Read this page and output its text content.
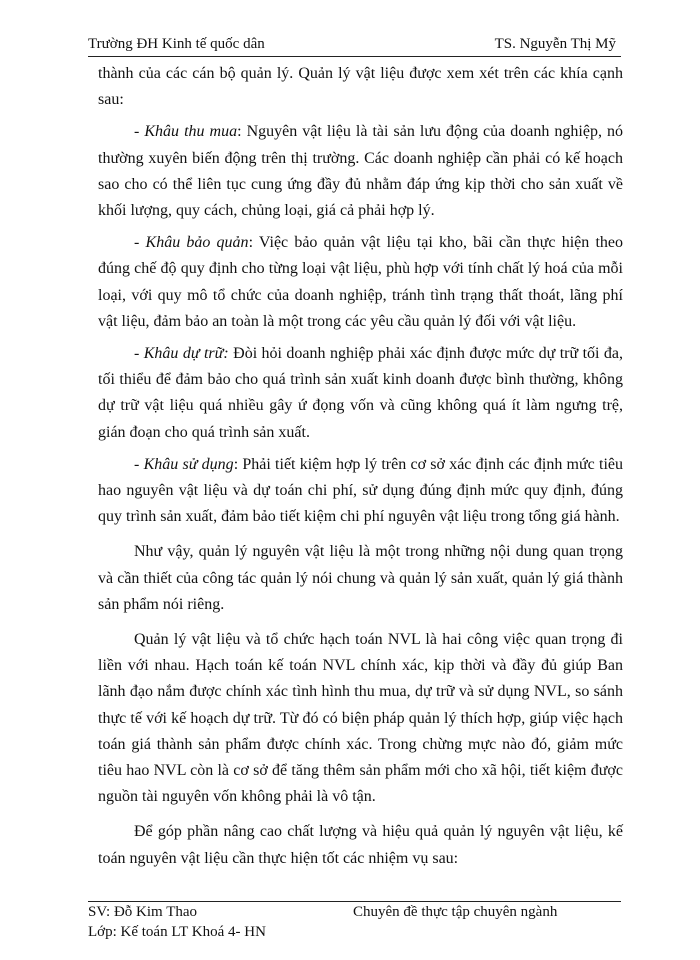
Trường ĐH Kinh tế quốc dân	TS. Nguyễn Thị Mỹ

thành của các cán bộ quản lý. Quản lý vật liệu được xem xét trên các khía cạnh sau:

- Khâu thu mua: Nguyên vật liệu là tài sản lưu động của doanh nghiệp, nó thường xuyên biến động trên thị trường. Các doanh nghiệp cần phải có kế hoạch sao cho có thể liên tục cung ứng đầy đủ nhằm đáp ứng kịp thời cho sản xuất về khối lượng, quy cách, chủng loại, giá cả phải hợp lý.

- Khâu bảo quản: Việc bảo quản vật liệu tại kho, bãi cần thực hiện theo đúng chế độ quy định cho từng loại vật liệu, phù hợp với tính chất lý hoá của mỗi loại, với quy mô tổ chức của doanh nghiệp, tránh tình trạng thất thoát, lãng phí vật liệu, đảm bảo an toàn là một trong các yêu cầu quản lý đối với vật liệu.

- Khâu dự trữ: Đòi hỏi doanh nghiệp phải xác định được mức dự trữ tối đa, tối thiểu để đảm bảo cho quá trình sản xuất kinh doanh được bình thường, không dự trữ vật liệu quá nhiều gây ứ đọng vốn và cũng không quá ít làm ngưng trệ, gián đoạn cho quá trình sản xuất.

- Khâu sử dụng: Phải tiết kiệm hợp lý trên cơ sở xác định các định mức tiêu hao nguyên vật liệu và dự toán chi phí, sử dụng đúng định mức quy định, đúng quy trình sản xuất, đảm bảo tiết kiệm chi phí nguyên vật liệu trong tổng giá hành.

Như vậy, quản lý nguyên vật liệu là một trong những nội dung quan trọng và cần thiết của công tác quản lý nói chung và quản lý sản xuất, quản lý giá thành sản phẩm nói riêng.

Quản lý vật liệu và tổ chức hạch toán NVL là hai công việc quan trọng đi liền với nhau. Hạch toán kế toán NVL chính xác, kịp thời và đầy đủ giúp Ban lãnh đạo nắm được chính xác tình hình thu mua, dự trữ và sử dụng NVL, so sánh thực tế với kế hoạch dự trữ. Từ đó có biện pháp quản lý thích hợp, giúp việc hạch toán giá thành sản phẩm được chính xác. Trong chừng mực nào đó, giảm mức tiêu hao NVL còn là cơ sở để tăng thêm sản phẩm mới cho xã hội, tiết kiệm được nguồn tài nguyên vốn không phải là vô tận.

Để góp phần nâng cao chất lượng và hiệu quả quản lý nguyên vật liệu, kế toán nguyên vật liệu cần thực hiện tốt các nhiệm vụ sau:

SV: Đỗ Kim Thao	Chuyên đề thực tập chuyên ngành
Lớp: Kế toán LT Khoá 4- HN
